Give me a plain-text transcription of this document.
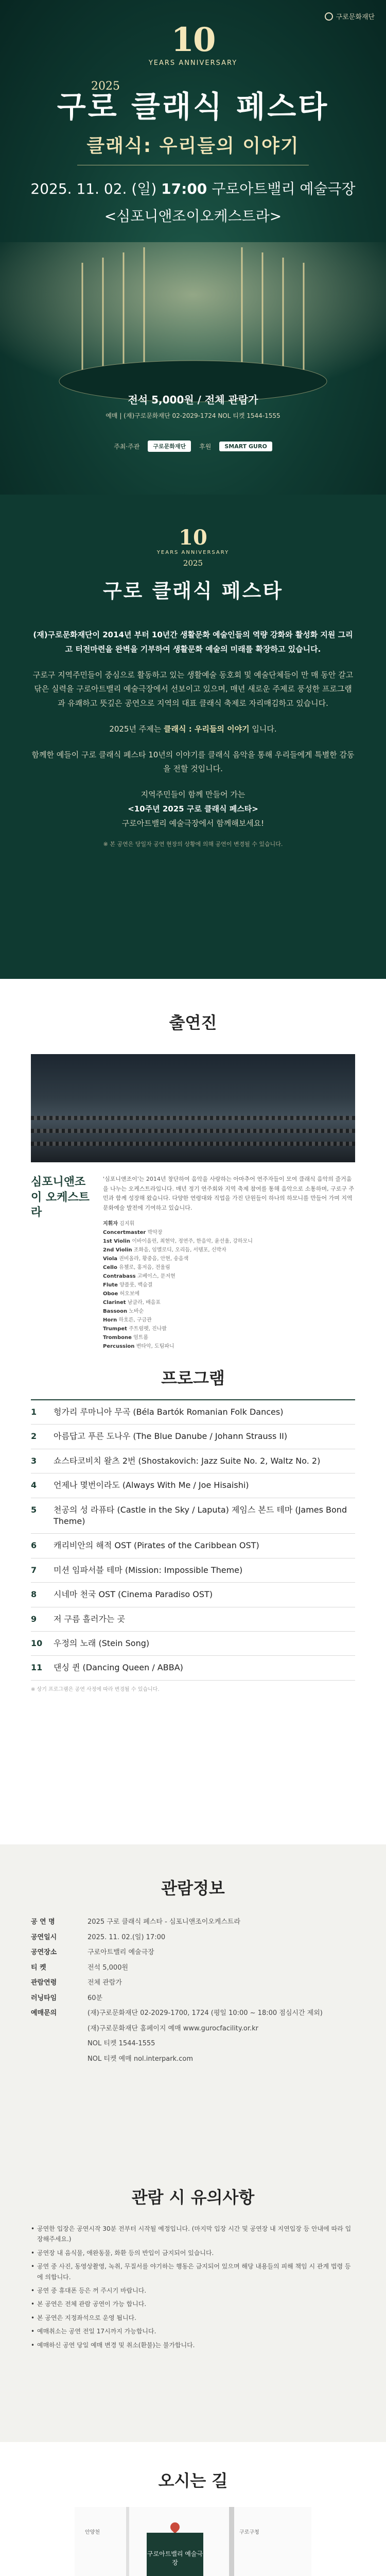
구로문화재단
10
YEARS ANNIVERSARY
2025
구로 클래식 페스타
클래식: 우리들의 이야기
2025. 11. 02. (일) 17:00 구로아트밸리 예술극장
<심포니앤조이오케스트라>
전석 5,000원 / 전체 관람가
예매 | (재)구로문화재단 02-2029-1724 NOL 티켓 1544-1555
주최·주관	구로문화재단	후원	SMART GURO
10
YEARS ANNIVERSARY
2025
구로 클래식 페스타

(재)구로문화재단이 2014년 부터 10년간 생활문화 예술인들의 역량 강화와 활성화 지원 그리고 터전마련을 완벽을 기부하여 생활문화 예술의 미래를 확장하고 있습니다.

구로구 지역주민들이 중심으로 활동하고 있는 생활예술 동호회 및 예술단체들이 만 매 동안 갈고 닦은 실력을 구로아트밸리 예술극장에서 선보이고 있으며, 매년 새로운 주제로 풍성한 프로그램과 유쾌하고 뜻깊은 공연으로 지역의 대표 클래식 축제로 자리매김하고 있습니다.

2025년 주제는 클래식 : 우리들의 이야기 입니다.

함께한 예들이 구로 클래식 페스타 10년의 이야기를 클래식 음악을 통해 우리들에게 특별한 감동을 전할 것입니다.

지역주민들이 함께 만들어 가는
<10주년 2025 구로 클래식 페스타>
구로아트밸리 예술극장에서 함께해보세요!

※ 본 공연은 당일자 공연 현장의 상황에 의해 공연이 변경될 수 있습니다.
출연진
심포니앤조이 오케스트라
'심포니앤조이'는 2014년 창단하여 음악을 사랑하는 아마추어 연주자들이 모여 클래식 음악의 즐거움을 나누는 오케스트라입니다. 매년 정기 연주회와 지역 축제 참여를 통해 음악으로 소통하며, 구로구 주민과 함께 성장해 왔습니다. 다양한 연령대와 직업을 가진 단원들이 하나의 하모니를 만들어 가며 지역 문화예술 발전에 기여하고 있습니다.
지휘자 김지휘
Concertmaster 박악장
1st Violin 이바이올린, 최현악, 정연주, 한음악, 윤선율, 강하모니
2nd Violin 조화음, 임멜로디, 오리듬, 서템포, 신박자
Viola 권비올라, 황중음, 안현, 송음색
Cello 유첼로, 홍저음, 전울림
Contrabass 고베이스, 문저현
Flute 양플룻, 백숨결
Oboe 허오보에
Clarinet 남클라, 배음표
Bassoon 노바순
Horn 하호른, 구금관
Trumpet 주트럼펫, 진나팔
Trombone 엄트롬
Percussion 변타악, 도팀파니
프로그램
1	헝가리 루마니아 무곡 (Béla Bartók Romanian Folk Dances)
2	아름답고 푸른 도나우 (The Blue Danube / Johann Strauss II)
3	쇼스타코비치 왈츠 2번 (Shostakovich: Jazz Suite No. 2, Waltz No. 2)
4	언제나 몇번이라도 (Always With Me / Joe Hisaishi)
5	천공의 성 라퓨타 (Castle in the Sky / Laputa) 제임스 본드 테마 (James Bond Theme)
6	캐리비안의 해적 OST (Pirates of the Caribbean OST)
7	미션 임파서블 테마 (Mission: Impossible Theme)
8	시네마 천국 OST (Cinema Paradiso OST)
9	저 구름 흘러가는 곳
10	우정의 노래 (Stein Song)
11	댄싱 퀸 (Dancing Queen / ABBA)
※ 상기 프로그램은 공연 사정에 따라 변경될 수 있습니다.
관람정보
공 연 명	2025 구로 클래식 페스타 - 심포니앤조이오케스트라
공연일시	2025. 11. 02.(일) 17:00
공연장소	구로아트밸리 예술극장
티 켓	전석 5,000원
관람연령	전체 관람가
러닝타임	60분
예매문의	(재)구로문화재단 02-2029-1700, 1724 (평일 10:00 ~ 18:00 점심시간 제외)
	(재)구로문화재단 홈페이지 예매 www.gurocfacility.or.kr
	NOL 티켓 1544-1555
	NOL 티켓 예매 nol.interpark.com
관람 시 유의사항
• 공연한 입장은 공연시작 30분 전부터 시작될 예정입니다. (마지막 입장 시간 및 공연장 내 지연입장 등 안내에 따라 입장해주세요.)
• 공연장 내 음식물, 애완동물, 화환 등의 반입이 금지되어 있습니다.
• 공연 중 사진, 동영상촬영, 녹취, 무질서를 야기하는 행동은 금지되어 있으며 해당 내용들의 피해 책임 시 관계 법령 등 에 의합니다.
• 공연 중 휴대폰 등은 꺼 주시기 바랍니다.
• 본 공연은 전체 관람 공연이 가능 합니다.
• 본 공연은 지정좌석으로 운영 됩니다.
• 예매취소는 공연 전일 17시까지 가능합니다.
• 예매하신 공연 당일 예매 변경 및 취소(환불)는 불가합니다.
오시는 길
구로아트밸리 예술극장
구로구청
안양천
